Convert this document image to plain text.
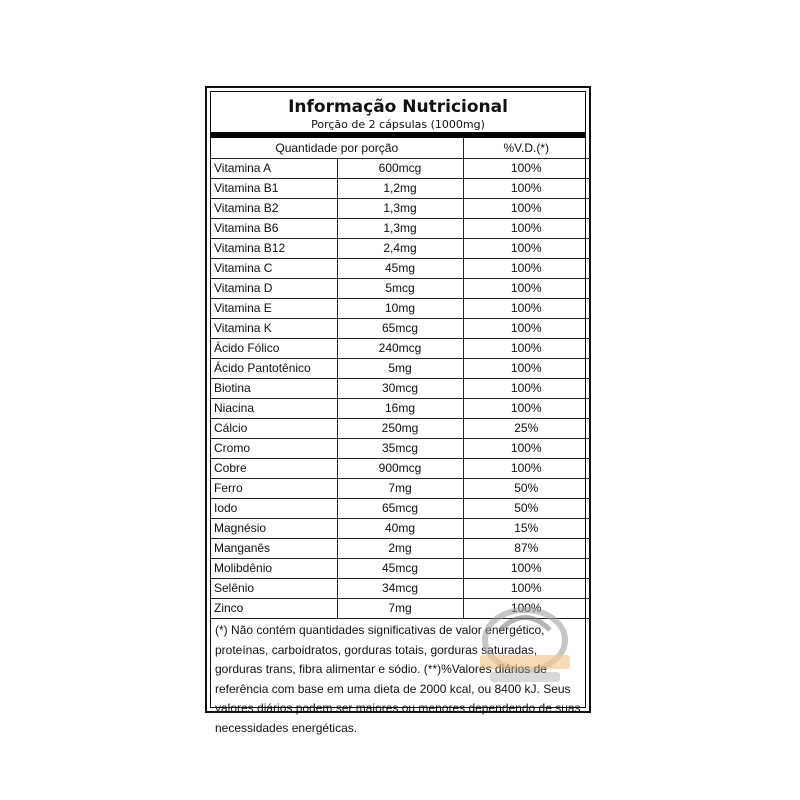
Informação Nutricional
Porção de 2 cápsulas (1000mg)
Quantidade por porção		%V.D.(*)
Vitamina A	600mcg	100%
Vitamina B1	1,2mg	100%
Vitamina B2	1,3mg	100%
Vitamina B6	1,3mg	100%
Vitamina B12	2,4mg	100%
Vitamina C	45mg	100%
Vitamina D	5mcg	100%
Vitamina E	10mg	100%
Vitamina K	65mcg	100%
Ácido Fólico	240mcg	100%
Ácido Pantotênico	5mg	100%
Biotina	30mcg	100%
Niacina	16mg	100%
Cálcio	250mg	25%
Cromo	35mcg	100%
Cobre	900mcg	100%
Ferro	7mg	50%
Iodo	65mcg	50%
Magnésio	40mg	15%
Manganês	2mg	87%
Molibdênio	45mcg	100%
Selênio	34mcg	100%
Zinco	7mg	100%
(*) Não contém quantidades significativas de valor energético, proteínas, carboidratos, gorduras totais, gorduras saturadas, gorduras trans, fibra alimentar e sódio. (**)%Valores diários de referência com base em uma dieta de 2000 kcal, ou 8400 kJ. Seus valores diários podem ser maiores ou menores dependendo de suas necessidades energéticas.
